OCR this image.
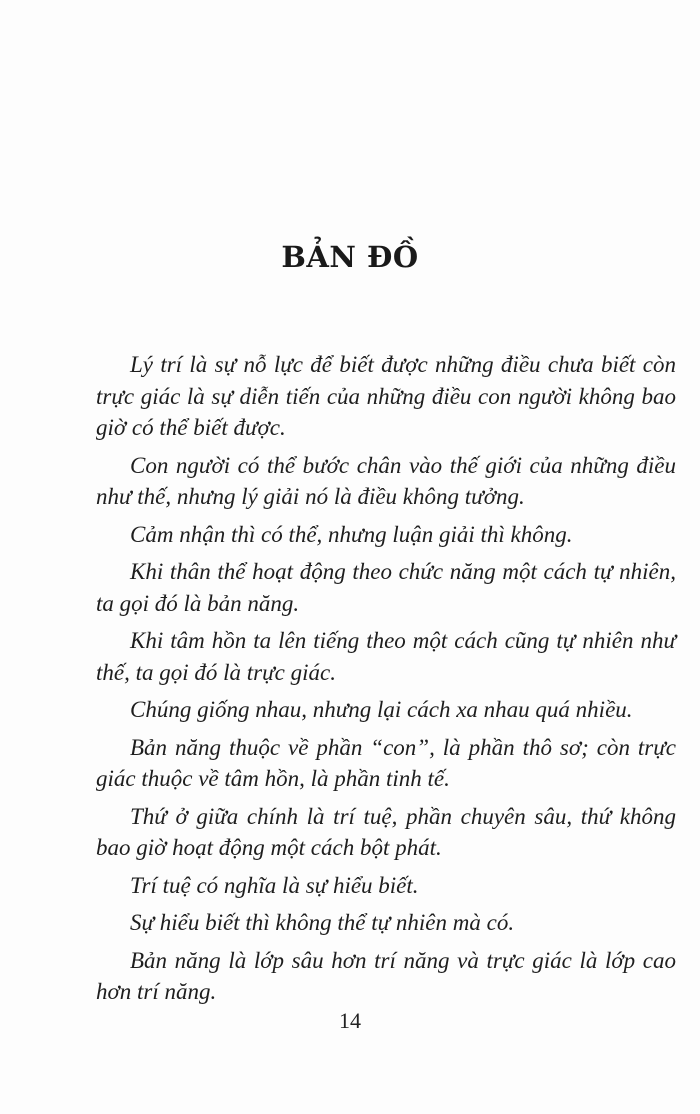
BẢN ĐỒ

Lý trí là sự nỗ lực để biết được những điều chưa biết còn trực giác là sự diễn tiến của những điều con người không bao giờ có thể biết được.

Con người có thể bước chân vào thế giới của những điều như thế, nhưng lý giải nó là điều không tưởng.

Cảm nhận thì có thể, nhưng luận giải thì không.

Khi thân thể hoạt động theo chức năng một cách tự nhiên, ta gọi đó là bản năng.

Khi tâm hồn ta lên tiếng theo một cách cũng tự nhiên như thế, ta gọi đó là trực giác.

Chúng giống nhau, nhưng lại cách xa nhau quá nhiều.

Bản năng thuộc về phần “con”, là phần thô sơ; còn trực giác thuộc về tâm hồn, là phần tinh tế.

Thứ ở giữa chính là trí tuệ, phần chuyên sâu, thứ không bao giờ hoạt động một cách bột phát.

Trí tuệ có nghĩa là sự hiểu biết.

Sự hiểu biết thì không thể tự nhiên mà có.

Bản năng là lớp sâu hơn trí năng và trực giác là lớp cao hơn trí năng.

14
